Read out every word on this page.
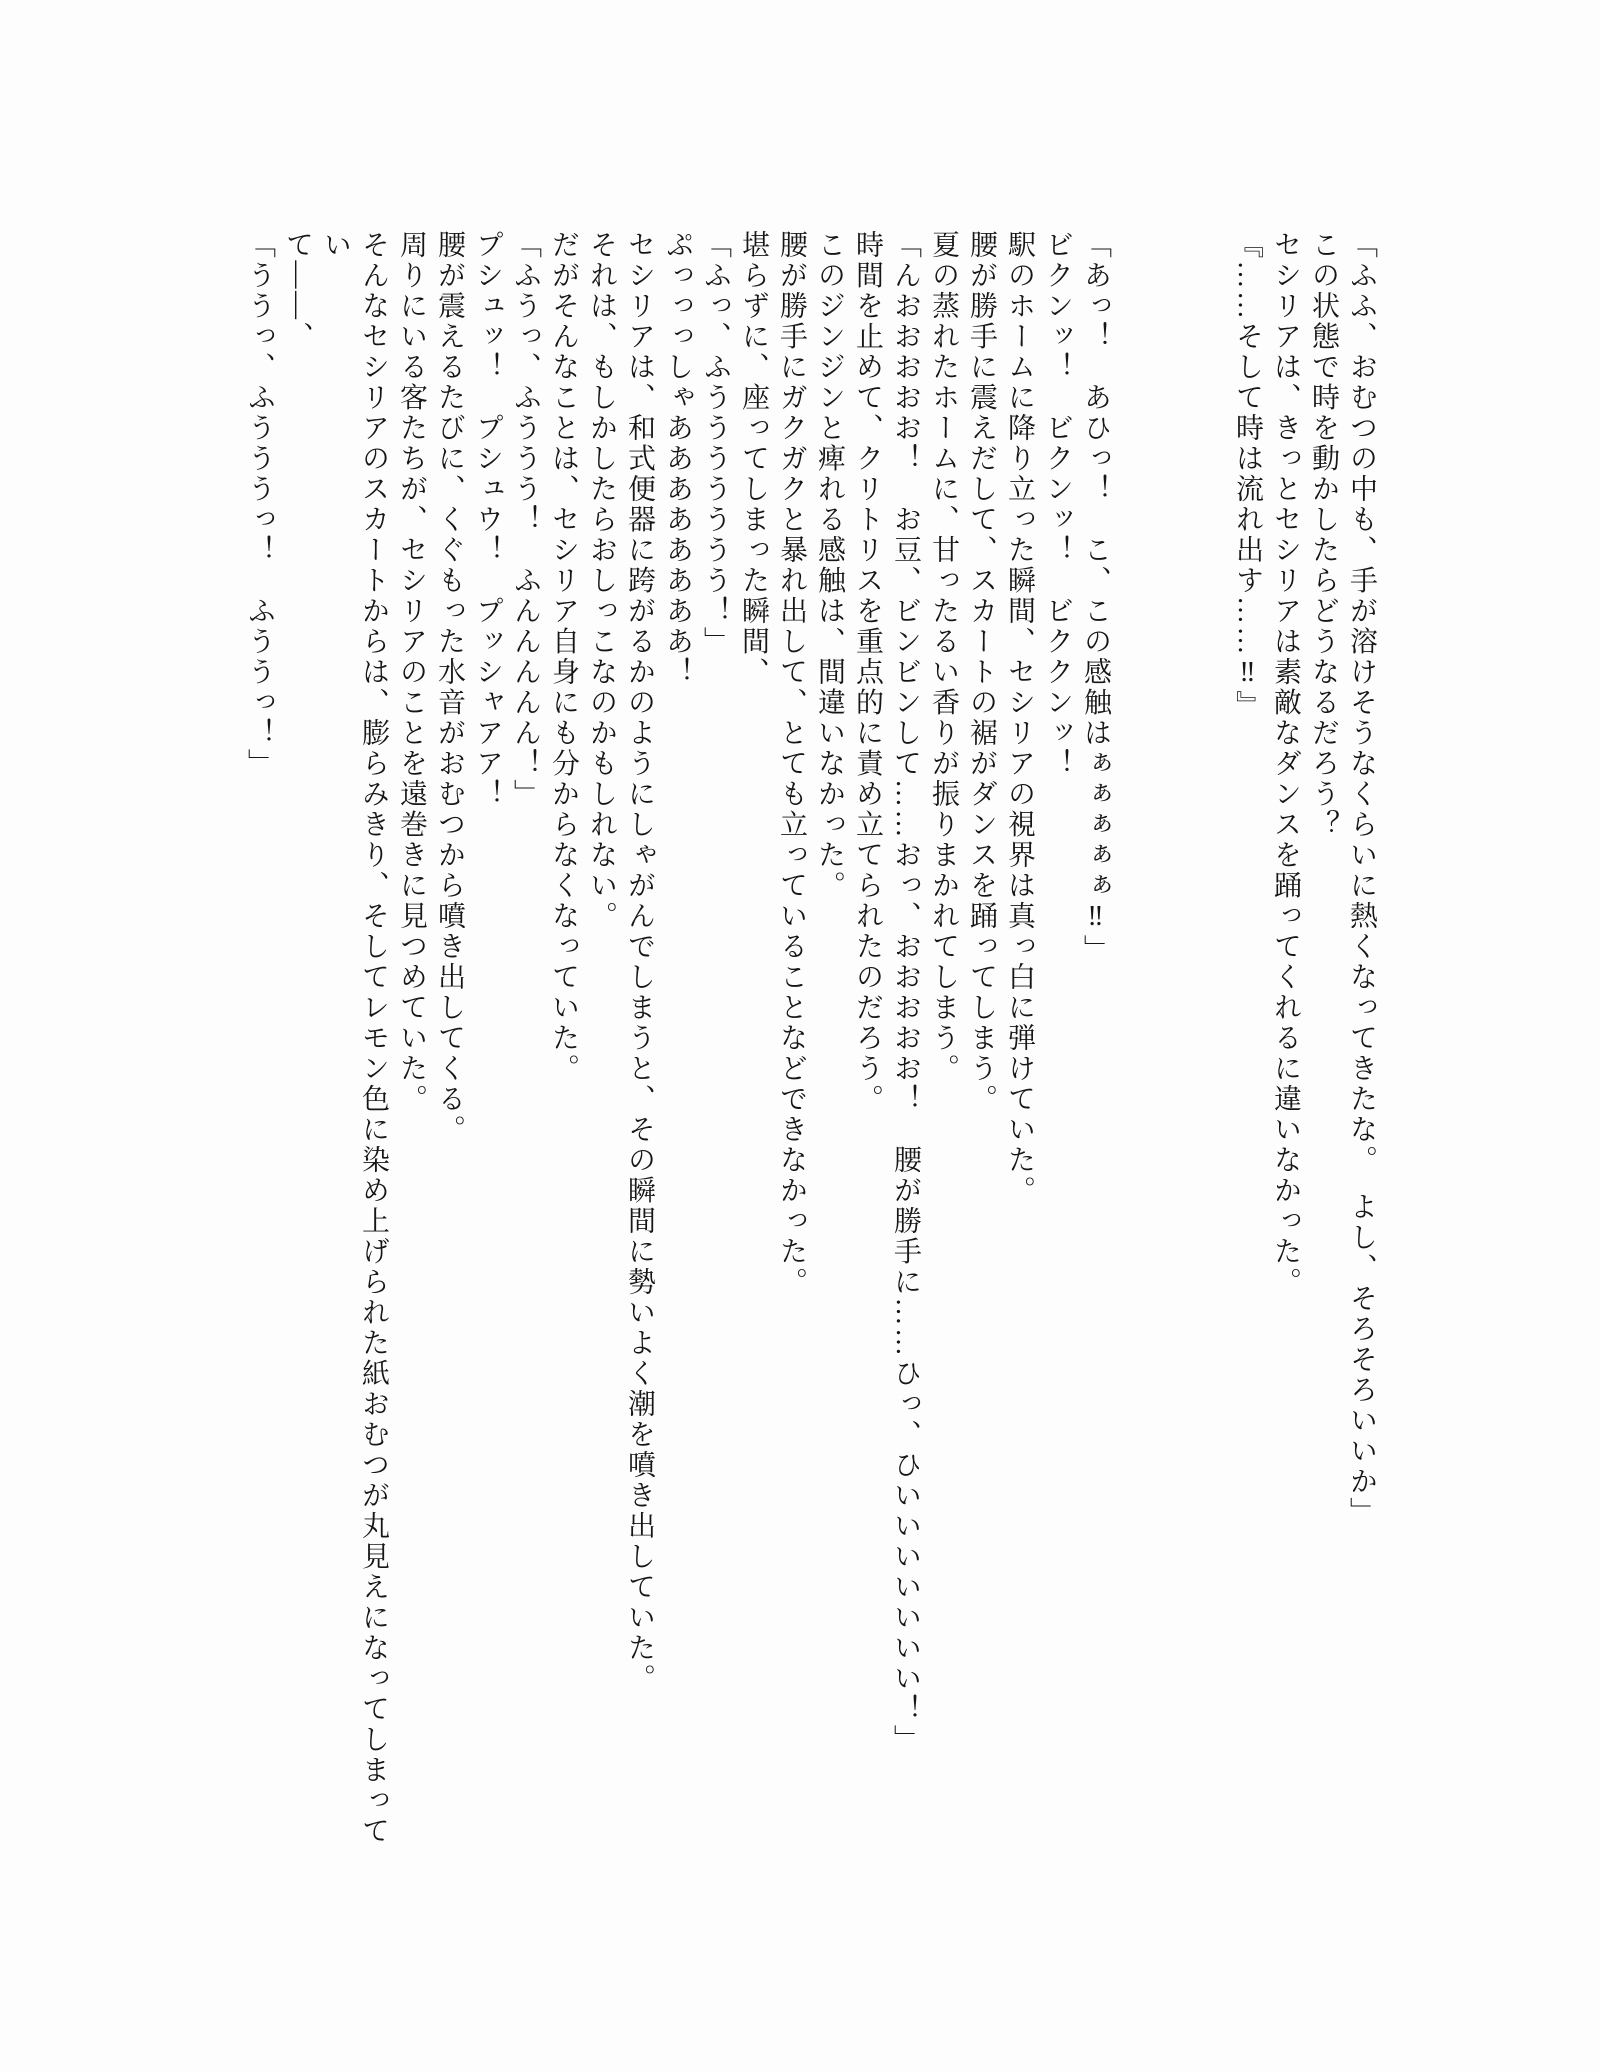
「ふふ、おむつの中も、手が溶けそうなくらいに熱くなってきたな。　よし、そろそろいいか」

この状態で時を動かしたらどうなるだろう？

セシリアは、きっとセシリアは素敵なダンスを踊ってくれるに違いなかった。

『……そして時は流れ出す……‼』

「あっ！　あひっ！　こ、この感触はぁぁぁぁぁ‼」

ビクンッ！　ビクンッ！　ビククンッ！

駅のホームに降り立った瞬間、セシリアの視界は真っ白に弾けていた。

腰が勝手に震えだして、スカートの裾がダンスを踊ってしまう。

夏の蒸れたホームに、甘ったるい香りが振りまかれてしまう。

「んおおおおお！　お豆、ビンビンして……おっ、おおおおお！　腰が勝手に……ひっ、ひいいいいいいい！」

時間を止めて、クリトリスを重点的に責め立てられたのだろう。

このジンジンと痺れる感触は、間違いなかった。

腰が勝手にガクガクと暴れ出して、とても立っていることなどできなかった。

堪らずに、座ってしまった瞬間、

「ふっ、ふううううううう！」

ぷっっっしゃああああああああ！

セシリアは、和式便器に跨がるかのようにしゃがんでしまうと、その瞬間に勢いよく潮を噴き出していた。

それは、もしかしたらおしっこなのかもしれない。

だがそんなことは、セシリア自身にも分からなくなっていた。

「ふうっ、ふううう！　ふんんんんん！」

プシュッ！　プシュウ！　プッシャアア！

腰が震えるたびに、くぐもった水音がおむつから噴き出してくる。

周りにいる客たちが、セシリアのことを遠巻きに見つめていた。

そんなセシリアのスカートからは、膨らみきり、そしてレモン色に染め上げられた紙おむつが丸見えになってしまってい

て――、

「ううっ、ふうううっ！　ふううっ！」
